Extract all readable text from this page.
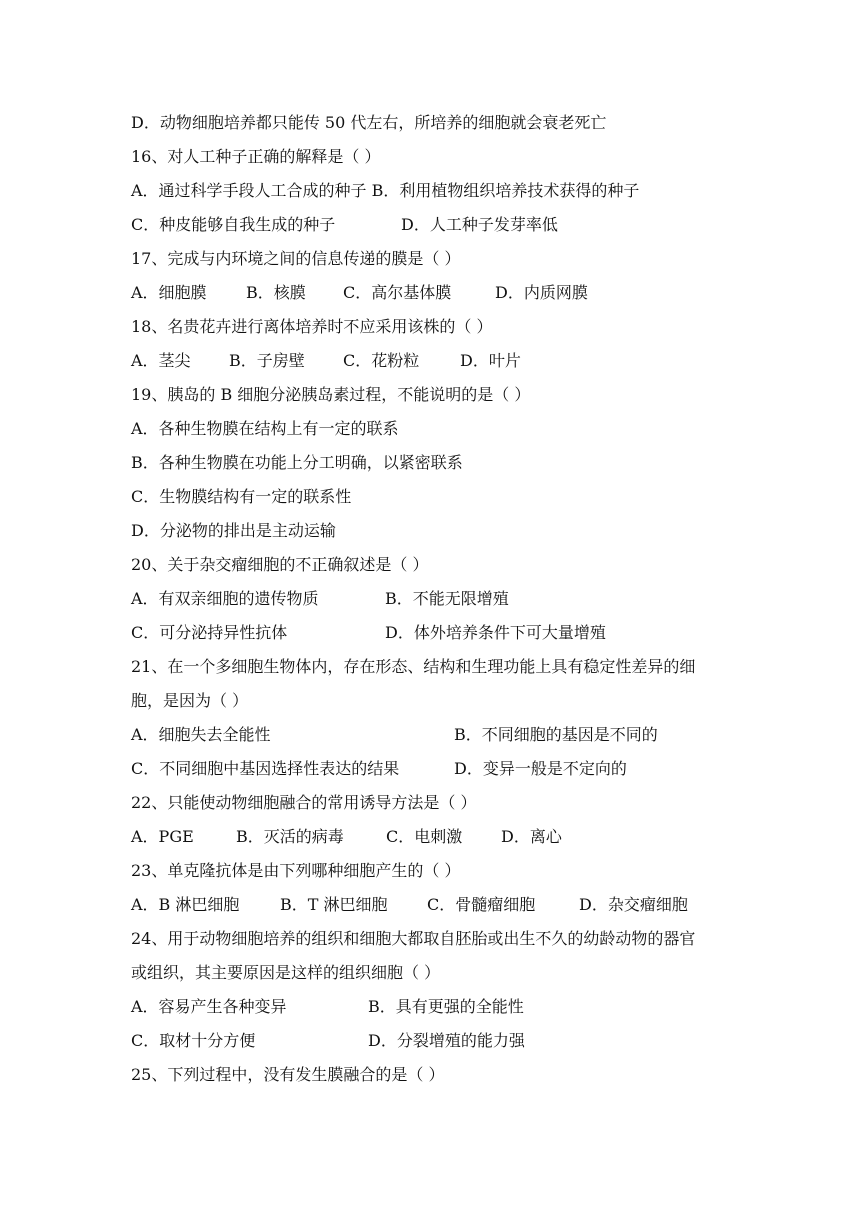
D．动物细胞培养都只能传 50 代左右，所培养的细胞就会衰老死亡
16、对人工种子正确的解释是（ ）
A．通过科学手段人工合成的种子 B．利用植物组织培养技术获得的种子
C．种皮能够自我生成的种子	D．人工种子发芽率低
17、完成与内环境之间的信息传递的膜是（ ）
A．细胞膜 B．核膜 C．高尔基体膜	D．内质网膜
18、名贵花卉进行离体培养时不应采用该株的（ ）
A．茎尖 B．子房壁 C．花粉粒	D．叶片
19、胰岛的 B 细胞分泌胰岛素过程，不能说明的是（ ）
A．各种生物膜在结构上有一定的联系
B．各种生物膜在功能上分工明确，以紧密联系
C．生物膜结构有一定的联系性
D．分泌物的排出是主动运输
20、关于杂交瘤细胞的不正确叙述是（ ）
A．有双亲细胞的遗传物质	B．不能无限增殖
C．可分泌持异性抗体	D．体外培养条件下可大量增殖
21、在一个多细胞生物体内，存在形态、结构和生理功能上具有稳定性差异的细
胞，是因为（ ）
A．细胞失去全能性	B．不同细胞的基因是不同的
C．不同细胞中基因选择性表达的结果	D．变异一般是不定向的
22、只能使动物细胞融合的常用诱导方法是（ ）
A．PGE	B．灭活的病毒	C．电刺激 D．离心
23、单克隆抗体是由下列哪种细胞产生的（ ）
A．B 淋巴细胞	B．T 淋巴细胞 C．骨髓瘤细胞	D．杂交瘤细胞
24、用于动物细胞培养的组织和细胞大都取自胚胎或出生不久的幼龄动物的器官
或组织，其主要原因是这样的组织细胞（ ）
A．容易产生各种变异	B．具有更强的全能性
C．取材十分方便	D．分裂增殖的能力强
25、下列过程中，没有发生膜融合的是（ ）
